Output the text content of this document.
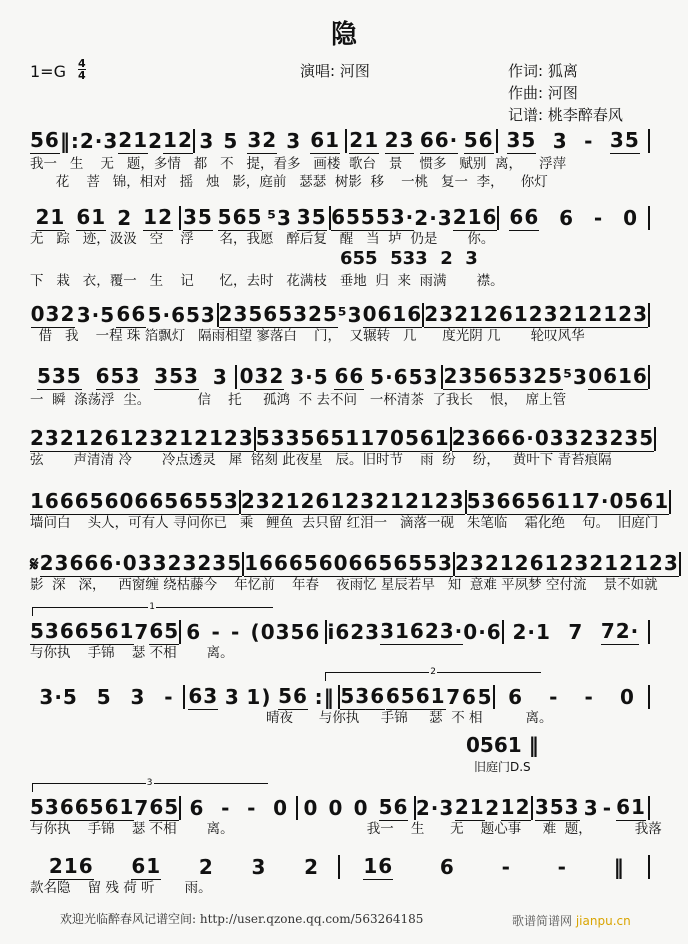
隐
1=G 4
4	演唱: 河图	作词: 狐离
作曲: 河图
记谱: 桃李醉春风
56 ‖: 2·3 21 2 12 3 5 32 3 61 21 23 66· 56 35 3 - 35
我一   生    无   题，多情   都   不   提，看多   画楼  歌台   景    惯多   赋别  离，    浮萍
花    菩   锦，相对   摇   烛   影，庭前   瑟瑟  树影  移    一桃   复一  李，    你灯
21 61 2 12 35 565 ⁵3 35 655 53· 2·3 216 66 6 - 0
无   踪   迹，汲汲   空    浮      名，我愿   醉后复   醒   当  垆  仍是       你。
655  533  2  3
下   栽   衣，覆一   生    记      忆，去时   花满枝   垂地  归  来  雨满       襟。
032 3·5 66 5·653 2356 5325 ⁵3 0616 2321 261 2321 2123
借   我    一程 珠 箔飘灯   隔雨相望 寥落白    门，  又辗转   几      度光阴 几       轮叹风华
535 653 353 3 032 3·5 66 5·653 2356 5325 ⁵3 0616
一  瞬  涤荡浮  尘。           信    托     孤鸿  不 去不问   一杯清茶  了我长    恨，  席上管
2321 261 2321 2123 5335 651 17 0561 236 66· 0332 3235
弦       声清清 冷       冷点透灵   犀  铭刻 此夜星   辰。旧时节    雨  纷    纷，   黄叶下 青苔痕隔
166 656 0665 6553 2321 261 2321 2123 536 6561 17· 0561
墙问白    头人，可有人 寻问你已   乘   鲤鱼  去只留 红泪一   滴落一砚   朱笔临    霜化绝    句。  旧庭门
𝄋 236 66· 0332 3235 166 656 0665 6553 2321 261 2321 2123
影  深   深，   西窗缠 绕枯藤今    年忆前    年春    夜雨忆 星辰若早   知  意难 平夙梦 空付流    景不如就
536 6561 7 65 6 - - (0356 i623 316 23· 0·6 2·1 7 72·
与你执    手锦    瑟 不相       离。
1
3·5 5 3 - 63 3 1) 56 :‖ 536 6561 7 6 5 6 - - 0
晴夜      与你执     手锦     瑟  不 相          离。
2
536 6561 7 65 6 - - 0 0 0 0 56 2·3 21 2 12 353 3 - 61
与你执    手锦    瑟 不相       离。                               我一    生      无    题心事     难  题，          我落
3
216 61 2 3 2 16 6 - - ‖
款名隐    留 残 荷 听       雨。
0561 ‖
旧庭门D.S
欢迎光临醉春风记谱空间: http://user.qzone.qq.com/563264185	歌谱简谱网 jianpu.cn
